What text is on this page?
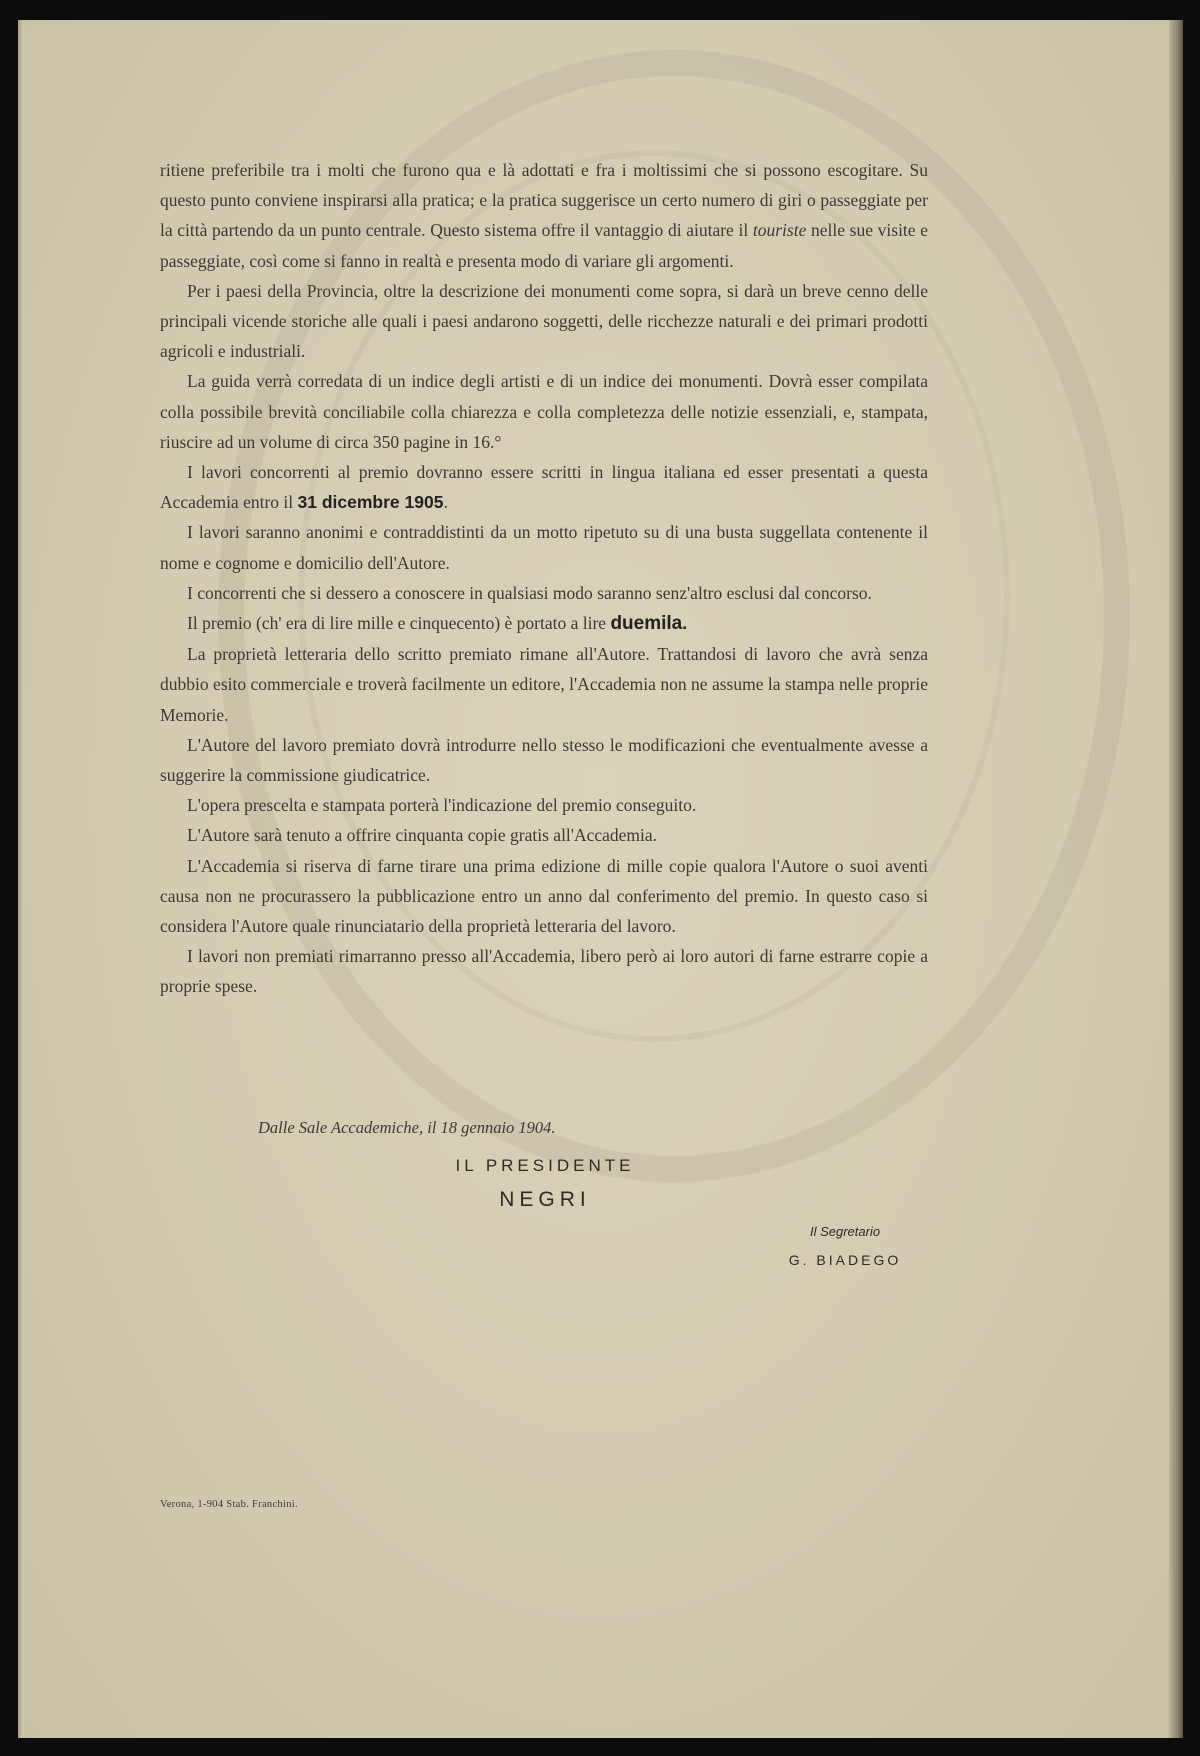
ritiene preferibile tra i molti che furono qua e là adottati e fra i moltissimi che si possono escogitare. Su questo punto conviene inspirarsi alla pratica; e la pratica suggerisce un certo numero di giri o passeggiate per la città partendo da un punto centrale. Questo sistema offre il vantaggio di aiutare il touriste nelle sue visite e passeggiate, così come si fanno in realtà e presenta modo di variare gli argomenti.

Per i paesi della Provincia, oltre la descrizione dei monumenti come sopra, si darà un breve cenno delle principali vicende storiche alle quali i paesi andarono soggetti, delle ricchezze naturali e dei primari prodotti agricoli e industriali.

La guida verrà corredata di un indice degli artisti e di un indice dei monumenti. Dovrà esser compilata colla possibile brevità conciliabile colla chiarezza e colla completezza delle notizie essenziali, e, stampata, riuscire ad un volume di circa 350 pagine in 16.°

I lavori concorrenti al premio dovranno essere scritti in lingua italiana ed esser presentati a questa Accademia entro il 31 dicembre 1905.

I lavori saranno anonimi e contraddistinti da un motto ripetuto su di una busta suggellata contenente il nome e cognome e domicilio dell'Autore.

I concorrenti che si dessero a conoscere in qualsiasi modo saranno senz'altro esclusi dal concorso.

Il premio (ch' era di lire mille e cinquecento) è portato a lire duemila.

La proprietà letteraria dello scritto premiato rimane all'Autore. Trattandosi di lavoro che avrà senza dubbio esito commerciale e troverà facilmente un editore, l'Accademia non ne assume la stampa nelle proprie Memorie.

L'Autore del lavoro premiato dovrà introdurre nello stesso le modificazioni che eventualmente avesse a suggerire la commissione giudicatrice.

L'opera prescelta e stampata porterà l'indicazione del premio conseguito.

L'Autore sarà tenuto a offrire cinquanta copie gratis all'Accademia.

L'Accademia si riserva di farne tirare una prima edizione di mille copie qualora l'Autore o suoi aventi causa non ne procurassero la pubblicazione entro un anno dal conferimento del premio. In questo caso si considera l'Autore quale rinunciatario della proprietà letteraria del lavoro.

I lavori non premiati rimarranno presso all'Accademia, libero però ai loro autori di farne estrarre copie a proprie spese.

Dalle Sale Accademiche, il 18 gennaio 1904.
IL PRESIDENTE
NEGRI
Il Segretario
G. BIADEGO
Verona, 1-904 Stab. Franchini.
